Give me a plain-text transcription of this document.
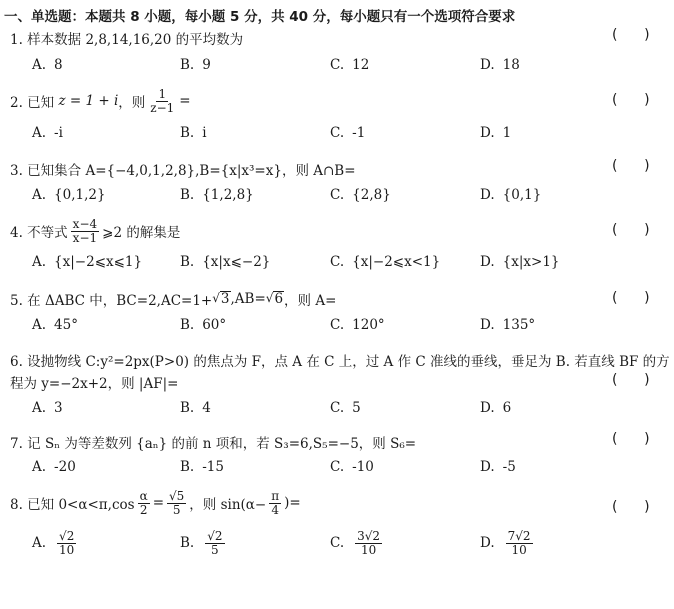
一、单选题：本题共 8 小题，每小题 5 分，共 40 分，每小题只有一个选项符合要求
1. 样本数据 2,8,14,16,20 的平均数为	(      )
A. 8	B. 9	C. 12	D. 18
2. 已知
z = 1 + i ，则 $\frac{1}{z-1}$ =	(      )
A. -i	B. i	C. -1	D. 1
3. 已知集合 A={−4,0,1,2,8},B={x|x³=x}，则 A∩B=	(      )
A. {0,1,2}	B. {1,2,8}	C. {2,8}	D. {0,1}
4. 不等式 $\frac{x-4}{x-1}$ ⩾2 的解集是	(      )
A. {x|−2⩽x⩽1}	B. {x|x⩽−2}	C. {x|−2⩽x<1}	D. {x|x>1}
5. 在 ΔABC 中，BC=2,AC=1+ √ 3 ,AB= √ 6 ，则 A=	(      )
A. 45°	B. 60°	C. 120°	D. 135°
6. 设抛物线 C:y²=2px(P>0) 的焦点为 F，点 A 在 C 上，过 A 作 C 准线的垂线，垂足为 B. 若直线 BF 的方
程为 y=−2x+2，则 |AF|=	(      )
A. 3	B. 4	C. 5	D. 6
7. 记 Sₙ 为等差数列 {aₙ} 的前 n 项和，若 S₃=6,S₅=−5，则 S₆=	(      )
A. -20	B. -15	C. -10	D. -5
8. 已知 $0<\alpha<\pi,\cos \frac{\alpha}{2} = \frac{√5}{5}$ ，则 $\sin(\alpha- \frac{\pi}{4}$ )=	(      )
A. $\frac{√2}{10}$	B. $\frac{√2}{5}$	C. $\frac{3√2}{10}$	D. $\frac{7√2}{10}$
